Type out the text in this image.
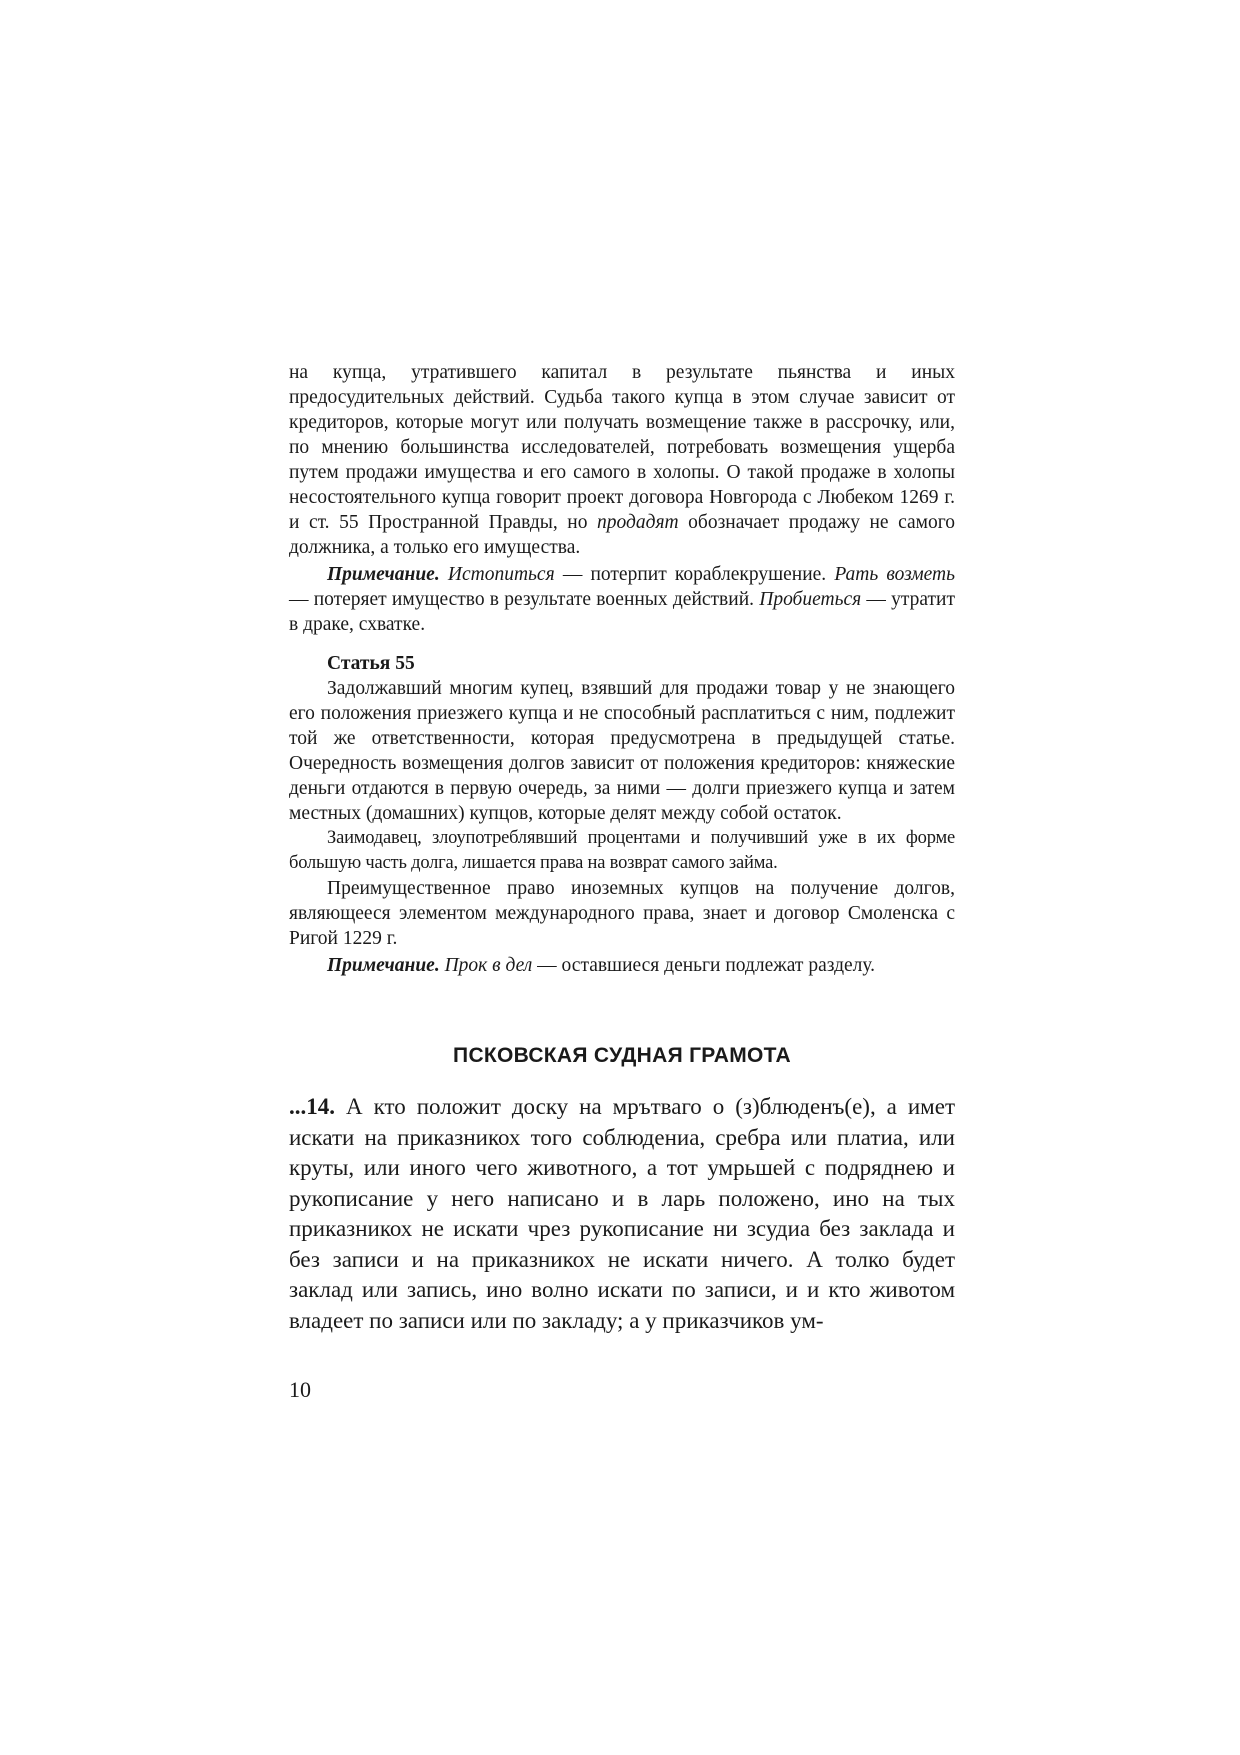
на купца, утратившего капитал в результате пьянства и иных предосудительных действий. Судьба такого купца в этом случае зависит от кредиторов, которые могут или получать возмещение также в рассрочку, или, по мнению большинства исследователей, потребовать возмещения ущерба путем продажи имущества и его самого в холопы. О такой продаже в холопы несостоятельного купца говорит проект договора Новгорода с Любеком 1269 г. и ст. 55 Пространной Правды, но продадят обозначает продажу не самого должника, а только его имущества.

Примечание. Истопиться — потерпит кораблекрушение. Рать возметь — потеряет имущество в результате военных действий. Пробиеться — утратит в драке, схватке.

Статья 55

Задолжавший многим купец, взявший для продажи товар у не знающего его положения приезжего купца и не способный расплатиться с ним, подлежит той же ответственности, которая предусмотрена в предыдущей статье. Очередность возмещения долгов зависит от положения кредиторов: княжеские деньги отдаются в первую очередь, за ними — долги приезжего купца и затем местных (домашних) купцов, которые делят между собой остаток.

Заимодавец, злоупотреблявший процентами и получивший уже в их форме большую часть долга, лишается права на возврат самого займа.

Преимущественное право иноземных купцов на получение долгов, являющееся элементом международного права, знает и договор Смоленска с Ригой 1229 г.

Примечание. Прок в дел — оставшиеся деньги подлежат разделу.

ПСКОВСКАЯ СУДНАЯ ГРАМОТА

...14. А кто положит доску на мрътваго о (з)блюденъ(е), а имет искати на приказникох того соблюдениа, сребра или платиа, или круты, или иного чего животного, а тот умрьшей с подряднею и рукописание у него написано и в ларь положено, ино на тых приказникох не искати чрез рукописание ни зсудиа без заклада и без записи и на приказникох не искати ничего. А толко будет заклад или запись, ино волно искати по записи, и и кто животом владеет по записи или по закладу; а у приказчиков ум-

10
